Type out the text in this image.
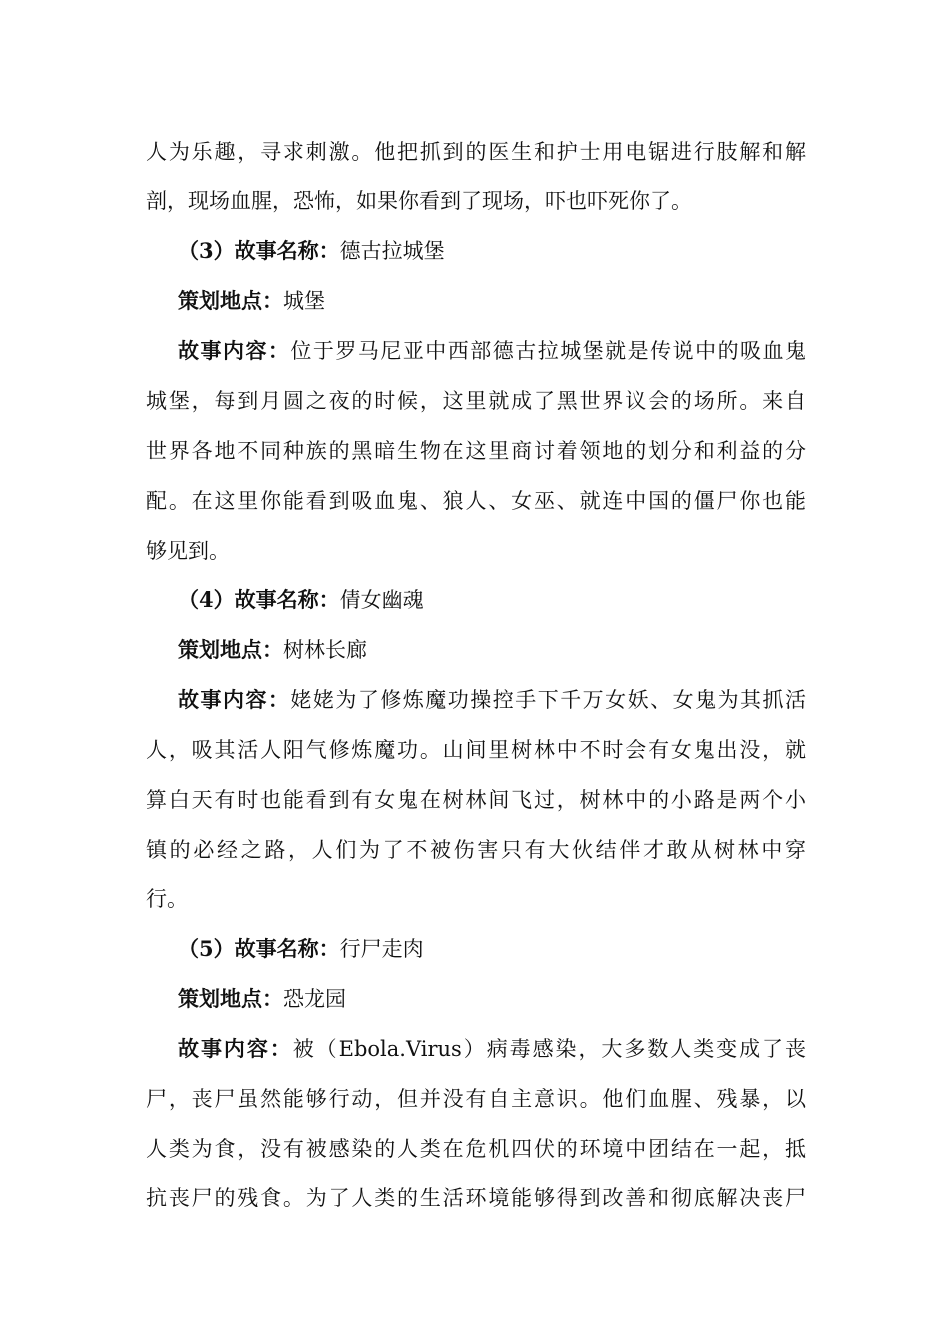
人为乐趣，寻求刺激。他把抓到的医生和护士用电锯进行肢解和解
剖，现场血腥，恐怖，如果你看到了现场，吓也吓死你了。
（3）故事名称：德古拉城堡
策划地点：城堡
故事内容：位于罗马尼亚中西部德古拉城堡就是传说中的吸血鬼
城堡，每到月圆之夜的时候，这里就成了黑世界议会的场所。来自
世界各地不同种族的黑暗生物在这里商讨着领地的划分和利益的分
配。在这里你能看到吸血鬼、狼人、女巫、就连中国的僵尸你也能
够见到。
（4）故事名称：倩女幽魂
策划地点：树林长廊
故事内容：姥姥为了修炼魔功操控手下千万女妖、女鬼为其抓活
人，吸其活人阳气修炼魔功。山间里树林中不时会有女鬼出没，就
算白天有时也能看到有女鬼在树林间飞过，树林中的小路是两个小
镇的必经之路，人们为了不被伤害只有大伙结伴才敢从树林中穿
行。
（5）故事名称：行尸走肉
策划地点：恐龙园
故事内容：被（Ebola.Virus）病毒感染，大多数人类变成了丧
尸，丧尸虽然能够行动，但并没有自主意识。他们血腥、残暴，以
人类为食，没有被感染的人类在危机四伏的环境中团结在一起，抵
抗丧尸的残食。为了人类的生活环境能够得到改善和彻底解决丧尸
